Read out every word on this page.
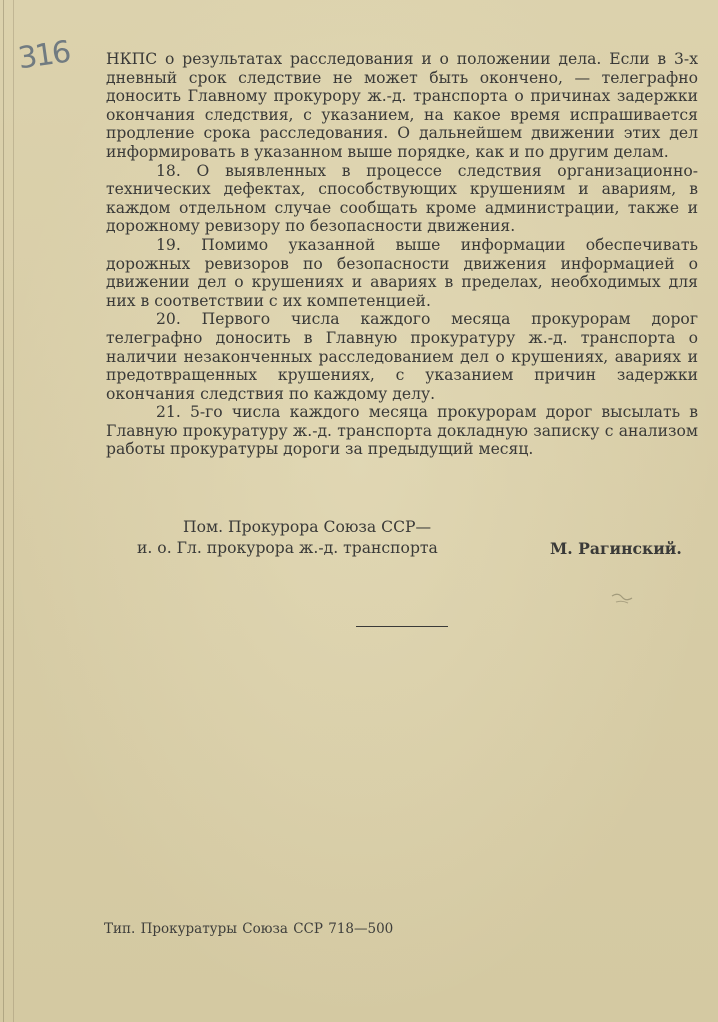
316 НКПС о результатах расследования и о положении дела. Если в 3-х дневный срок следствие не может быть окончено, — телеграфно доносить Главному прокурору ж.-д. транспорта о причинах задержки окончания следствия, с указанием, на какое время испрашивается продление срока расследования. О дальнейшем движении этих дел информировать в указанном выше порядке, как и по другим делам.

18. О выявленных в процессе следствия организационно-технических дефектах, способствующих крушениям и авариям, в каждом отдельном случае сообщать кроме администрации, также и дорожному ревизору по безопасности движения.

19. Помимо указанной выше информации обеспечивать дорожных ревизоров по безопасности движения информацией о движении дел о крушениях и авариях в пределах, необходимых для них в соответствии с их компетенцией.

20. Первого числа каждого месяца прокурорам дорог телеграфно доносить в Главную прокуратуру ж.-д. транспорта о наличии незаконченных расследованием дел о крушениях, авариях и предотвращенных крушениях, с указанием причин задержки окончания следствия по каждому делу.

21. 5-го числа каждого месяца прокурорам дорог высылать в Главную прокуратуру ж.-д. транспорта докладную записку с анализом работы прокуратуры дороги за предыдущий месяц.

Пом. Прокурора Союза ССР—
и. о. Гл. прокурора ж.-д. транспорта	М. Рагинский.
Тип. Прокуратуры Союза ССР 718—500
